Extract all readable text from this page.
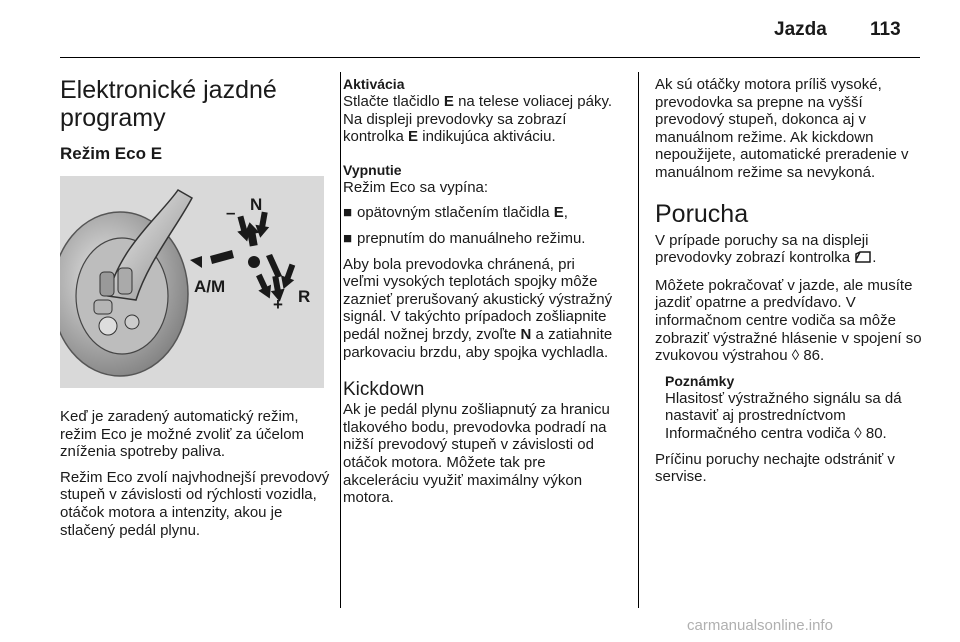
Jazda 113
Elektronické jazdné programy
Režim Eco E
N
–
A/M
+ R

Keď je zaradený automatický režim, režim Eco je možné zvoliť za účelom zníženia spotreby paliva.

Režim Eco zvolí najvhodnejší prevodový stupeň v závislosti od rýchlosti vozidla, otáčok motora a intenzity, akou je stlačený pedál plynu.

Aktivácia

Stlačte tlačidlo E na telese voliacej páky. Na displeji prevodovky sa zobrazí kontrolka E indikujúca aktiváciu.

Vypnutie

Režim Eco sa vypína:

■ opätovným stlačením tlačidla E,
■ prepnutím do manuálneho režimu.

Aby bola prevodovka chránená, pri veľmi vysokých teplotách spojky môže zaznieť prerušovaný akustický výstražný signál. V takýchto prípadoch zošliapnite pedál nožnej brzdy, zvoľte N a zatiahnite parkovaciu brzdu, aby spojka vychladla.

Kickdown

Ak je pedál plynu zošliapnutý za hranicu tlakového bodu, prevodovka podradí na nižší prevodový stupeň v závislosti od otáčok motora. Môžete tak pre akceleráciu využiť maximálny výkon motora.

Ak sú otáčky motora príliš vysoké, prevodovka sa prepne na vyšší prevodový stupeň, dokonca aj v manuálnom režime. Ak kickdown nepoužijete, automatické preradenie v manuálnom režime sa nevykoná.

Porucha

V prípade poruchy sa na displeji prevodovky zobrazí kontrolka .

Môžete pokračovať v jazde, ale musíte jazdiť opatrne a predvídavo. V informačnom centre vodiča sa môže zobraziť výstražné hlásenie v spojení so zvukovou výstrahou ◊ 86.

Poznámky
Hlasitosť výstražného signálu sa dá nastaviť aj prostredníctvom Informačného centra vodiča ◊ 80.

Príčinu poruchy nechajte odstrániť v servise.

carmanualsonline.info
